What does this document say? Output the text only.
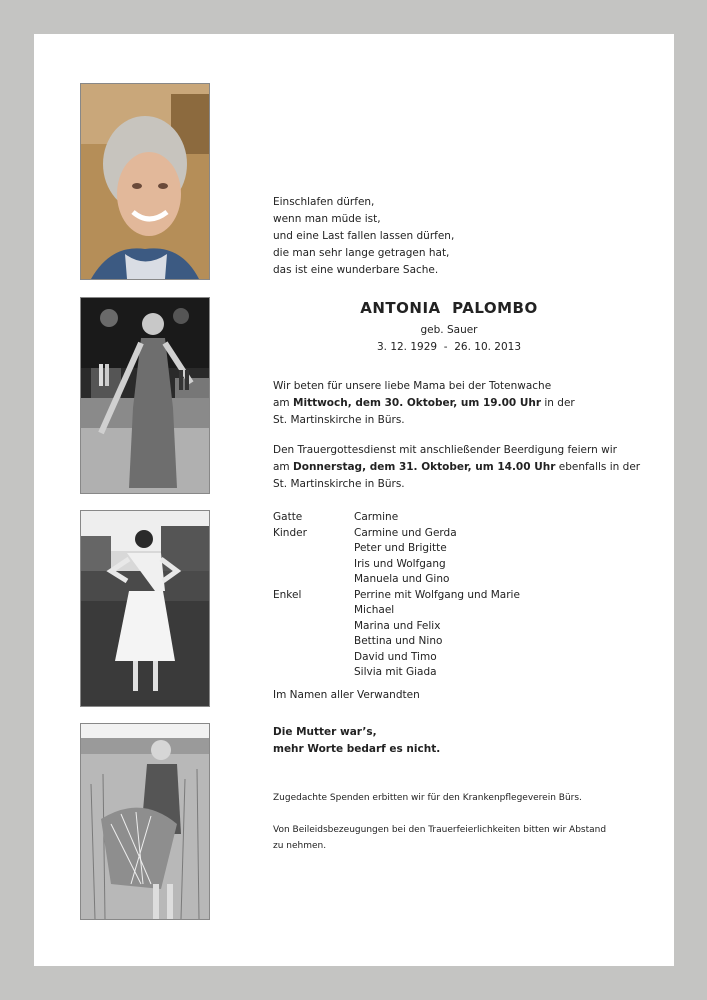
Einschlafen dürfen,
wenn man müde ist,
und eine Last fallen lassen dürfen,
die man sehr lange getragen hat,
das ist eine wunderbare Sache.
ANTONIA  PALOMBO
geb. Sauer
3. 12. 1929  -  26. 10. 2013
Wir beten für unsere liebe Mama bei der Totenwache
am Mittwoch, dem 30. Oktober, um 19.00 Uhr in der
St. Martinskirche in Bürs.
Den Trauergottesdienst mit anschließender Beerdigung feiern wir
am Donnerstag, dem 31. Oktober, um 14.00 Uhr ebenfalls in der
St. Martinskirche in Bürs.
Gatte	Carmine
Kinder	Carmine und Gerda
Peter und Brigitte
Iris und Wolfgang
Manuela und Gino
Enkel	Perrine mit Wolfgang und Marie
Michael
Marina und Felix
Bettina und Nino
David und Timo
Silvia mit Giada
Im Namen aller Verwandten
Die Mutter war’s,
mehr Worte bedarf es nicht.
Zugedachte Spenden erbitten wir für den Krankenpflegeverein Bürs.
Von Beileidsbezeugungen bei den Trauerfeierlichkeiten bitten wir Abstand
zu nehmen.
